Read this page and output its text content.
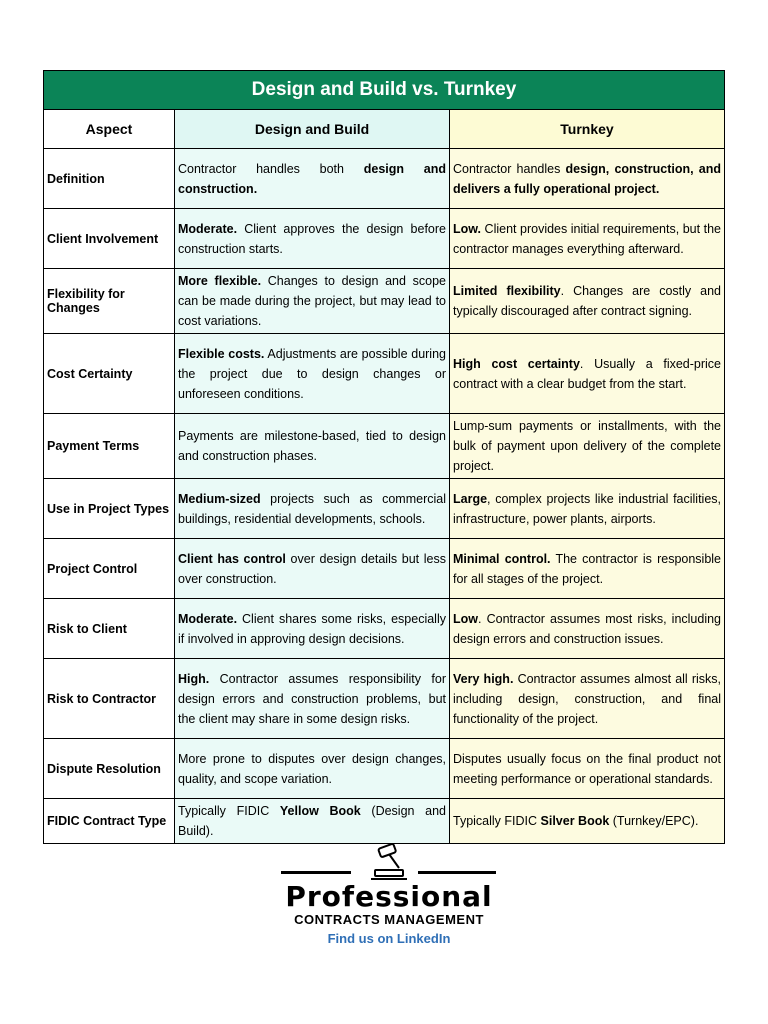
Design and Build vs. Turnkey		
Aspect	Design and Build	Turnkey
Definition	Contractor handles both design and construction.	Contractor handles design, construction, and delivers a fully operational project.
Client Involvement	Moderate. Client approves the design before construction starts.	Low. Client provides initial requirements, but the contractor manages everything afterward.
Flexibility for Changes	More flexible. Changes to design and scope can be made during the project, but may lead to cost variations.	Limited flexibility. Changes are costly and typically discouraged after contract signing.
Cost Certainty	Flexible costs. Adjustments are possible during the project due to design changes or unforeseen conditions.	High cost certainty. Usually a fixed-price contract with a clear budget from the start.
Payment Terms	Payments are milestone-based, tied to design and construction phases.	Lump-sum payments or installments, with the bulk of payment upon delivery of the complete project.
Use in Project Types	Medium-sized projects such as commercial buildings, residential developments, schools.	Large, complex projects like industrial facilities, infrastructure, power plants, airports.
Project Control	Client has control over design details but less over construction.	Minimal control. The contractor is responsible for all stages of the project.
Risk to Client	Moderate. Client shares some risks, especially if involved in approving design decisions.	Low. Contractor assumes most risks, including design errors and construction issues.
Risk to Contractor	High. Contractor assumes responsibility for design errors and construction problems, but the client may share in some design risks.	Very high. Contractor assumes almost all risks, including design, construction, and final functionality of the project.
Dispute Resolution	More prone to disputes over design changes, quality, and scope variation.	Disputes usually focus on the final product not meeting performance or operational standards.
FIDIC Contract Type	Typically FIDIC Yellow Book (Design and Build).	Typically FIDIC Silver Book (Turnkey/EPC).
Professional
CONTRACTS MANAGEMENT
Find us on LinkedIn
